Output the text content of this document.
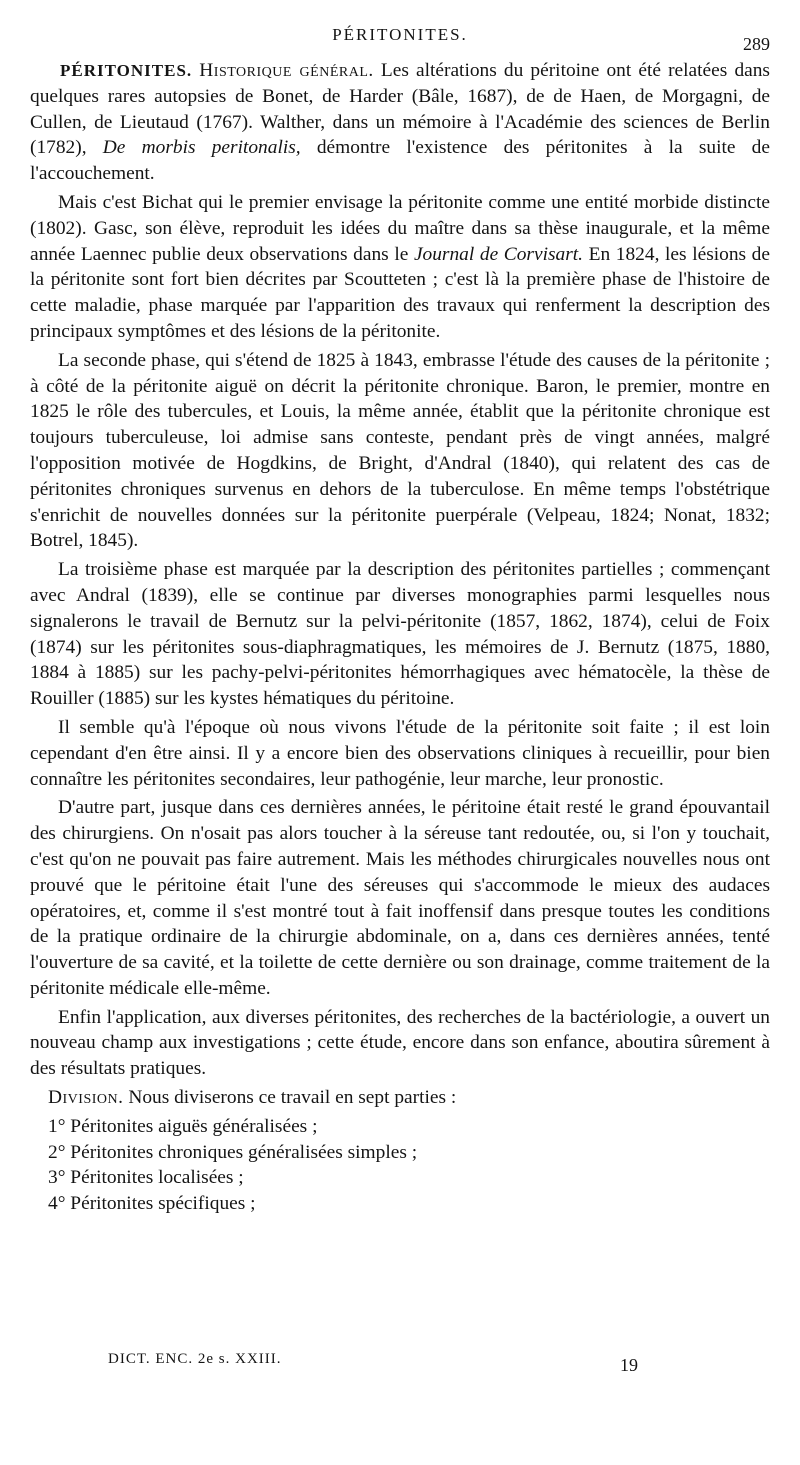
PÉRITONITES.	289

PÉRITONITES. Historique général. Les altérations du péritoine ont été relatées dans quelques rares autopsies de Bonet, de Harder (Bâle, 1687), de de Haen, de Morgagni, de Cullen, de Lieutaud (1767). Walther, dans un mémoire à l'Académie des sciences de Berlin (1782), De morbis peritonalis, démontre l'existence des péritonites à la suite de l'accouchement.

Mais c'est Bichat qui le premier envisage la péritonite comme une entité morbide distincte (1802). Gasc, son élève, reproduit les idées du maître dans sa thèse inaugurale, et la même année Laennec publie deux observations dans le Journal de Corvisart. En 1824, les lésions de la péritonite sont fort bien décrites par Scoutteten ; c'est là la première phase de l'histoire de cette maladie, phase marquée par l'apparition des travaux qui renferment la description des principaux symptômes et des lésions de la péritonite.

La seconde phase, qui s'étend de 1825 à 1843, embrasse l'étude des causes de la péritonite ; à côté de la péritonite aiguë on décrit la péritonite chronique. Baron, le premier, montre en 1825 le rôle des tubercules, et Louis, la même année, établit que la péritonite chronique est toujours tuberculeuse, loi admise sans conteste, pendant près de vingt années, malgré l'opposition motivée de Hogdkins, de Bright, d'Andral (1840), qui relatent des cas de péritonites chroniques survenus en dehors de la tuberculose. En même temps l'obstétrique s'enrichit de nouvelles données sur la péritonite puerpérale (Velpeau, 1824; Nonat, 1832; Botrel, 1845).

La troisième phase est marquée par la description des péritonites partielles ; commençant avec Andral (1839), elle se continue par diverses monographies parmi lesquelles nous signalerons le travail de Bernutz sur la pelvi-péritonite (1857, 1862, 1874), celui de Foix (1874) sur les péritonites sous-diaphragmatiques, les mémoires de J. Bernutz (1875, 1880, 1884 à 1885) sur les pachy-pelvi-péritonites hémorrhagiques avec hématocèle, la thèse de Rouiller (1885) sur les kystes hématiques du péritoine.

Il semble qu'à l'époque où nous vivons l'étude de la péritonite soit faite ; il est loin cependant d'en être ainsi. Il y a encore bien des observations cliniques à recueillir, pour bien connaître les péritonites secondaires, leur pathogénie, leur marche, leur pronostic.

D'autre part, jusque dans ces dernières années, le péritoine était resté le grand épouvantail des chirurgiens. On n'osait pas alors toucher à la séreuse tant redoutée, ou, si l'on y touchait, c'est qu'on ne pouvait pas faire autrement. Mais les méthodes chirurgicales nouvelles nous ont prouvé que le péritoine était l'une des séreuses qui s'accommode le mieux des audaces opératoires, et, comme il s'est montré tout à fait inoffensif dans presque toutes les conditions de la pratique ordinaire de la chirurgie abdominale, on a, dans ces dernières années, tenté l'ouverture de sa cavité, et la toilette de cette dernière ou son drainage, comme traitement de la péritonite médicale elle-même.

Enfin l'application, aux diverses péritonites, des recherches de la bactériologie, a ouvert un nouveau champ aux investigations ; cette étude, encore dans son enfance, aboutira sûrement à des résultats pratiques.

Division. Nous diviserons ce travail en sept parties :

1° Péritonites aiguës généralisées ;
2° Péritonites chroniques généralisées simples ;
3° Péritonites localisées ;
4° Péritonites spécifiques ;
DICT. ENC. 2e s. XXIII.	19
